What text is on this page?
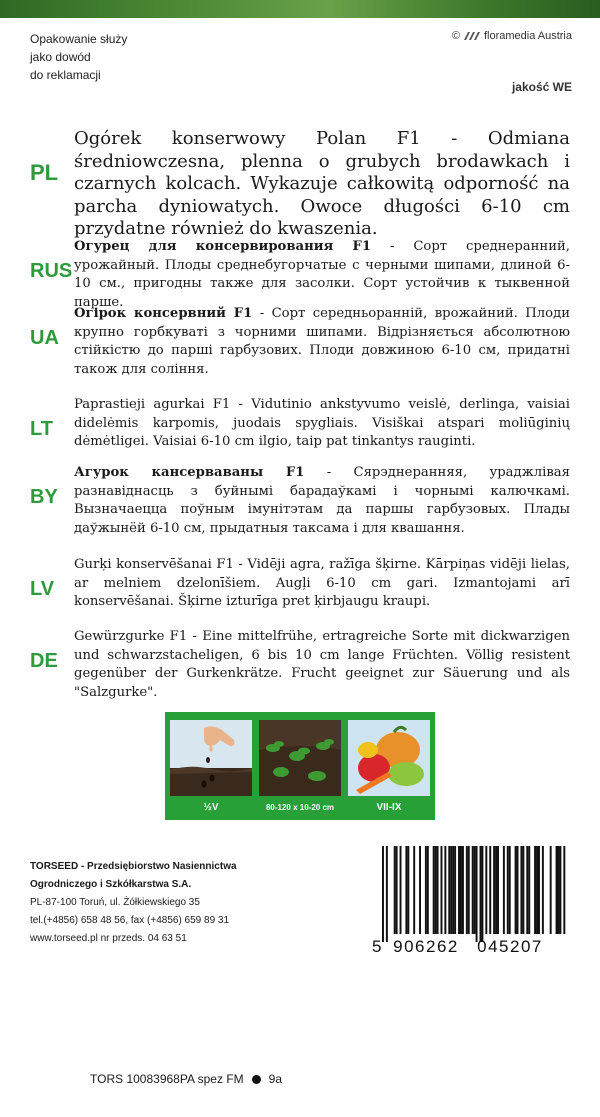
Opakowanie służy
jako dowód
do reklamacji
© floramedia Austria
jakość WE
PL
Ogórek konserwowy Polan F1 - Odmiana średniowczesna, plenna o grubych brodawkach i czarnych kolcach. Wykazuje całkowitą odporność na parcha dyniowatych. Owoce długości 6-10 cm przydatne również do kwaszenia.
RUS
Огурец для консервирования F1 - Сорт среднеранний, урожайный. Плоды среднебугорчатые с черными шипами, длиной 6-10 см., пригодны также для засолки. Сорт устойчив к тыквенной парше.
UA
Огірок консервний F1 - Сорт середньоранній, врожайний. Плоди крупно горбкуваті з чорними шипами. Відрізняється абсолютною стійкістю до парші гарбузових. Плоди довжиною 6-10 см, придатні також для соління.
LT
Paprastieji agurkai F1 - Vidutinio ankstyvumo veislė, derlinga, vaisiai didelėmis karpomis, juodais spygliais. Visiškai atspari moliūginių dėmėtligei. Vaisiai 6-10 cm ilgio, taip pat tinkantys rauginti.
BY
Агурок кансерваваны F1 - Сярэднеранняя, ураджлівая разнавіднасць з буйнымі барадаўкамі і чорнымі калючкамі. Вызначаецца поўным імунітэтам да паршы гарбузовых. Плады даўжынёй 6-10 см, прыдатныя таксама і для квашання.
LV
Gurķi konservēšanai F1 - Vidēji agra, ražīga šķirne. Kārpiņas vidēji lielas, ar melniem dzelonīšiem. Augļi 6-10 cm gari. Izmantojami arī konservēšanai. Šķirne izturīga pret ķirbjaugu kraupi.
DE
Gewürzgurke F1 - Eine mittelfrühe, ertragreiche Sorte mit dickwarzigen und schwarzstacheligen, 6 bis 10 cm lange Früchten. Völlig resistent gegenüber der Gurkenkrätze. Frucht geeignet zur Säuerung und als "Salzgurke".
½V	80-120 x 10-20 cm	VII-IX
TORSEED - Przedsiębiorstwo Nasiennictwa
Ogrodniczego i Szkółkarstwa S.A.
PL-87-100 Toruń, ul. Żółkiewskiego 35
tel.(+4856) 658 48 56, fax (+4856) 659 89 31
www.torseed.pl nr przeds. 04 63 51	5 906262 045207
TORS 10083968PA spez FM 9a
